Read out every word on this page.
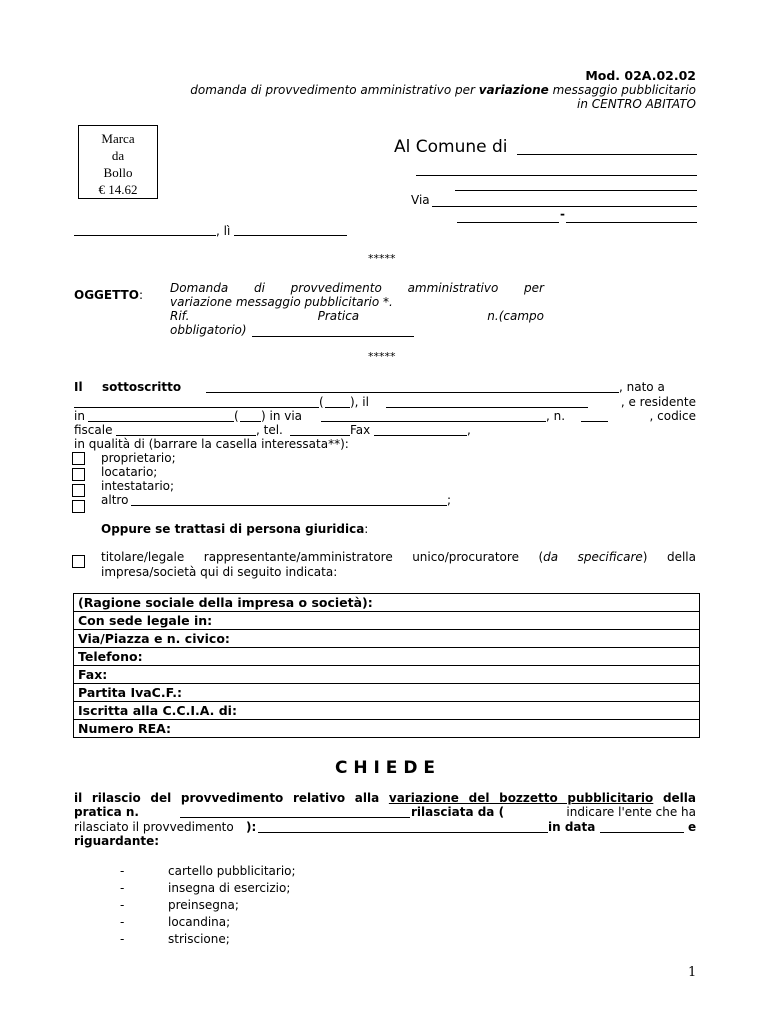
Mod. 02A.02.02
domanda di provvedimento amministrativo per variazione messaggio pubblicitario
in CENTRO ABITATO
Marca
da
Bollo
€ 14.62
Al Comune di
Via
-
, lì
*****
OGGETTO: Domanda di provvedimento amministrativo per
variazione messaggio pubblicitario *.
Rif.	Pratica	n.(campo
obbligatorio)
*****
Il sottoscritto	, nato a
( ), il	, e residente
in	( ) in via	, n.	, codice
fiscale	, tel.	Fax	,
in qualità di (barrare la casella interessata**):
proprietario;
locatario;
intestatario;
altro	;
Oppure se trattasi di persona giuridica:
titolare/legale rappresentante/amministratore unico/procuratore (da specificare) della
impresa/società qui di seguito indicata:
(Ragione sociale della impresa o società):
Con sede legale in:
Via/Piazza e n. civico:
Telefono:
Fax:
Partita IvaC.F.:
Iscritta alla C.C.I.A. di:
Numero REA:
C H I E D E
il rilascio del provvedimento relativo alla variazione del bozzetto pubblicitario della
pratica n.	rilasciata da (	indicare l'ente che ha
rilasciato il provvedimento ):	in data	e
riguardante:
-	cartello pubblicitario;
-	insegna di esercizio;
-	preinsegna;
-	locandina;
-	striscione;
1
